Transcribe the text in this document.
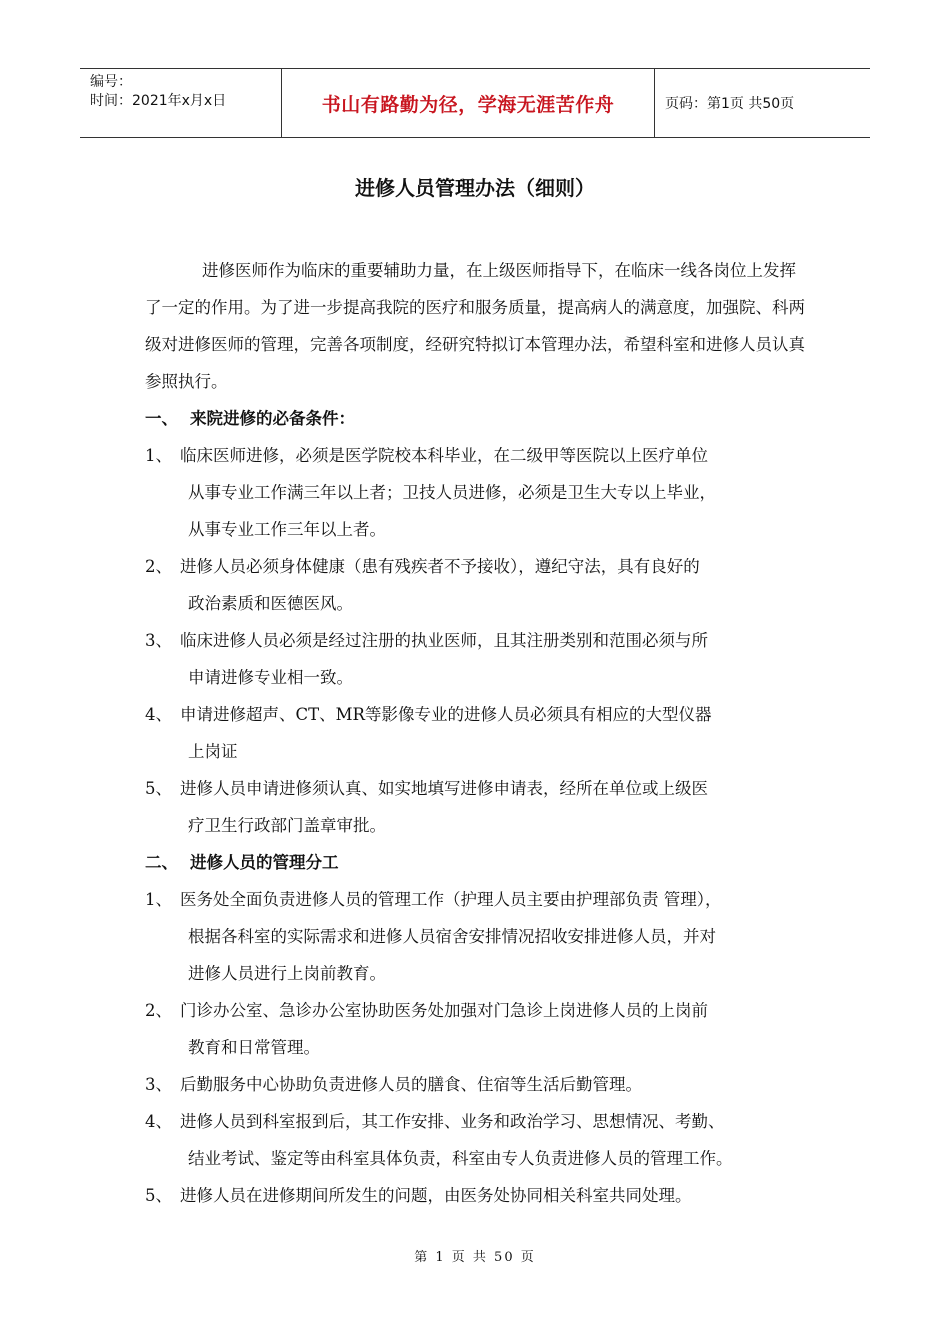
编号：
时间：2021年x月x日	书山有路勤为径，学海无涯苦作舟	页码：第1页 共50页
进修人员管理办法（细则）

进修医师作为临床的重要辅助力量，在上级医师指导下，在临床一线各岗位上发挥了一定的作用。为了进一步提高我院的医疗和服务质量，提高病人的满意度，加强院、科两级对进修医师的管理，完善各项制度，经研究特拟订本管理办法，希望科室和进修人员认真参照执行。

一、 来院进修的必备条件：

1、 临床医师进修，必须是医学院校本科毕业，在二级甲等医院以上医疗单位
从事专业工作满三年以上者；卫技人员进修，必须是卫生大专以上毕业，
从事专业工作三年以上者。
2、 进修人员必须身体健康（患有残疾者不予接收），遵纪守法，具有良好的
政治素质和医德医风。
3、 临床进修人员必须是经过注册的执业医师，且其注册类别和范围必须与所
申请进修专业相一致。
4、 申请进修超声、CT、MR等影像专业的进修人员必须具有相应的大型仪器
上岗证
5、 进修人员申请进修须认真、如实地填写进修申请表，经所在单位或上级医
疗卫生行政部门盖章审批。

二、 进修人员的管理分工

1、 医务处全面负责进修人员的管理工作（护理人员主要由护理部负责 管理），
根据各科室的实际需求和进修人员宿舍安排情况招收安排进修人员，并对
进修人员进行上岗前教育。
2、 门诊办公室、急诊办公室协助医务处加强对门急诊上岗进修人员的上岗前
教育和日常管理。
3、 后勤服务中心协助负责进修人员的膳食、住宿等生活后勤管理。
4、 进修人员到科室报到后，其工作安排、业务和政治学习、思想情况、考勤、
结业考试、鉴定等由科室具体负责，科室由专人负责进修人员的管理工作。
5、 进修人员在进修期间所发生的问题，由医务处协同相关科室共同处理。
第 1 页 共 50 页
